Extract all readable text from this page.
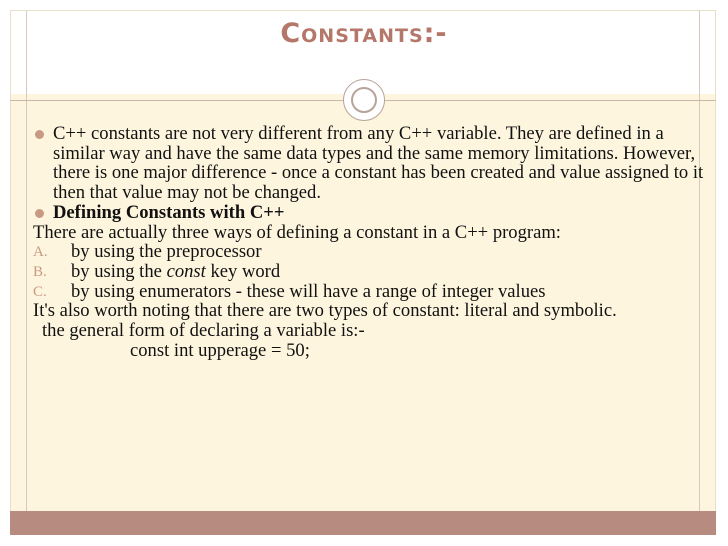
Constants:-

C++ constants are not very different from any C++ variable. They are defined in a similar way and have the same data types and the same memory limitations. However, there is one major difference - once a constant has been created and value assigned to it then that value may not be changed.

Defining Constants with C++

There are actually three ways of defining a constant in a C++ program:

A. by using the preprocessor

B. by using the const key word

C. by using enumerators - these will have a range of integer values

It's also worth noting that there are two types of constant: literal and symbolic.

the general form of declaring a variable is:-

const int upperage = 50;
